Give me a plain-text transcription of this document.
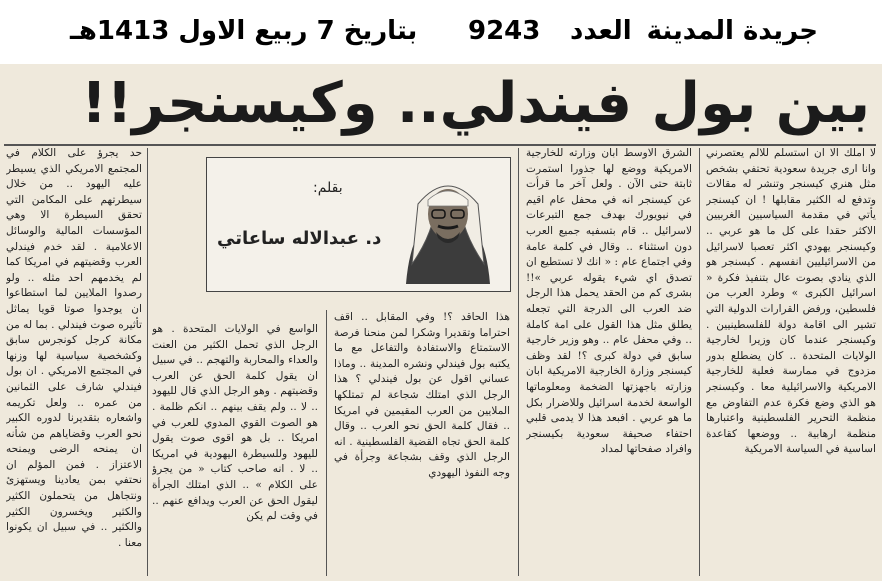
جريدة المدينة
العدد
9243
بتاريخ 7 ربيع الاول 1413هـ
بين بول فيندلي.. وكيسنجر!!

لا املك الا ان استسلم للالم يعتصرني وانا ارى جريدة سعودية تحتفي بشخص مثل هنري كيسنجر وتنشر له مقالات وتدفع له الكثير مقابلها ! ان كيسنجر يأتي في مقدمة السياسيين الغربيين الاكثر حقدا على كل ما هو عربي .. وكيسنجر يهودي اكثر تعصبا لاسرائيل من الاسرائيليين انفسهم . كيسنجر هو الذي ينادي بصوت عال بتنفيذ فكرة « اسرائيل الكبرى » وطرد العرب من فلسطين، ورفض القرارات الدولية التي تشير الى اقامة دولة للفلسطينيين . وكيسنجر عندما كان وزيرا لخارجية الولايات المتحدة .. كان يضطلع بدور مزدوج في ممارسة فعلية للخارجية الامريكية والاسرائيلية معا . وكيسنجر هو الذي وضع فكرة عدم التفاوض مع منظمة التحرير الفلسطينية واعتبارها منظمة ارهابية .. ووضعها كقاعدة اساسية في السياسة الامريكية

الشرق الاوسط ابان وزارته للخارجية الامريكية ووضع لها جذورا استمرت ثابتة حتى الآن . ولعل آخر ما قرأت عن كيسنجر انه في محفل عام اقيم في نيويورك بهدف جمع التبرعات لاسرائيل .. قام بتسفيه جميع العرب دون استثناء .. وقال في كلمة عامة وفي اجتماع عام : « انك لا تستطيع ان تصدق اي شيء يقوله عربي »!! بشرى كم من الحقد يحمل هذا الرجل ضد العرب الى الدرجة التي تجعله يطلق مثل هذا القول على امة كاملة .. وفي محفل عام .. وهو وزير خارجية سابق في دولة كبرى ؟! لقد وظف كيسنجر وزارة الخارجية الامريكية ابان وزارته باجهزتها الضخمة ومعلوماتها الواسعة لخدمة اسرائيل وللاضرار بكل ما هو عربي . افبعد هذا لا يدمى قلبي احتفاء صحيفة سعودية بكيسنجر وافراد صفحاتها لمداد

بقلم:
د. عبدالاله ساعاتي

هذا الحاقد ؟! وفي المقابل .. اقف احتراما وتقديرا وشكرا لمن منحنا فرصة الاستمتاع والاستفادة والتفاعل مع ما يكتبه بول فيندلي ونشره المدينة .. وماذا عساني اقول عن بول فيندلي ؟ هذا الرجل الذي امتلك شجاعة لم تمتلكها الملايين من العرب المقيمين في امريكا .. فقال كلمة الحق نحو العرب .. وقال كلمة الحق تجاه القضية الفلسطينية . انه الرجل الذي وقف بشجاعة وجرأة في وجه النفوذ اليهودي

الواسع في الولايات المتحدة . هو الرجل الذي تحمل الكثير من العنت والعداء والمحاربة والتهجم .. في سبيل ان يقول كلمة الحق عن العرب وقضيتهم . وهو الرجل الذي قال لليهود .. لا .. ولم يقف بينهم .. انكم ظلمة . هو الصوت القوي المدوي للعرب في امريكا .. بل هو اقوى صوت يقول لليهود وللسيطرة اليهودية في امريكا .. لا . انه صاحب كتاب « من يجرؤ على الكلام » .. الذي امتلك الجرأة ليقول الحق عن العرب ويدافع عنهم .. في وقت لم يكن

حد يجرؤ على الكلام في المجتمع الامريكي الذي يسيطر عليه اليهود .. من خلال سيطرتهم على المكامن التي تحقق السيطرة الا وهي المؤسسات المالية والوسائل الاعلامية . لقد خدم فيندلي العرب وقضيتهم في امريكا كما لم يخدمهم احد مثله .. ولو رصدوا الملايين لما استطاعوا ان يوجدوا صوتا قويا يماثل تأثيره صوت فيندلي . بما له من مكانة كرجل كونجرس سابق وكشخصية سياسية لها وزنها في المجتمع الامريكي . ان بول فيندلي شارف على الثمانين من عمره .. ولعل تكريمه واشعاره بتقديرنا لدوره الكبير نحو العرب وقضاياهم من شأنه ان يمنحه الرضى ويمنحه الاعتزاز . فمن المؤلم ان نحتفي بمن يعادينا ويستهزئ ونتجاهل من يتحملون الكثير والكثير ويخسرون الكثير والكثير .. في سبيل ان يكونوا معنا .
